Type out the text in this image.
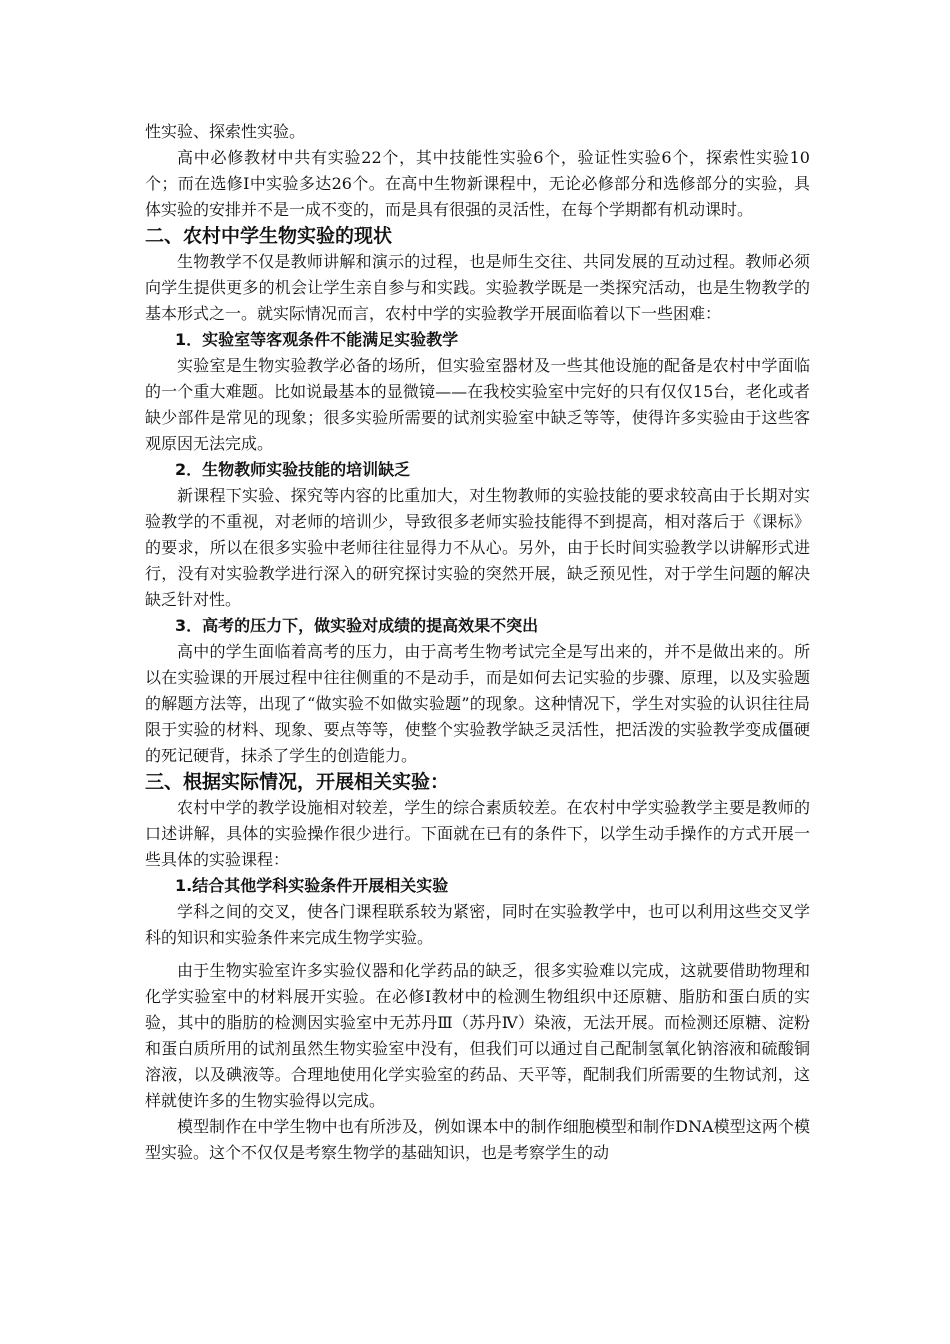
性实验、探索性实验。

高中必修教材中共有实验22个，其中技能性实验6个，验证性实验6个，探索性实验10个；而在选修Ⅰ中实验多达26个。在高中生物新课程中，无论必修部分和选修部分的实验，具体实验的安排并不是一成不变的，而是具有很强的灵活性，在每个学期都有机动课时。

二、农村中学生物实验的现状

生物教学不仅是教师讲解和演示的过程，也是师生交往、共同发展的互动过程。教师必须向学生提供更多的机会让学生亲自参与和实践。实验教学既是一类探究活动，也是生物教学的基本形式之一。就实际情况而言，农村中学的实验教学开展面临着以下一些困难：

1．实验室等客观条件不能满足实验教学

实验室是生物实验教学必备的场所，但实验室器材及一些其他设施的配备是农村中学面临的一个重大难题。比如说最基本的显微镜——在我校实验室中完好的只有仅仅15台，老化或者缺少部件是常见的现象；很多实验所需要的试剂实验室中缺乏等等，使得许多实验由于这些客观原因无法完成。

2．生物教师实验技能的培训缺乏

新课程下实验、探究等内容的比重加大，对生物教师的实验技能的要求较高由于长期对实验教学的不重视，对老师的培训少，导致很多老师实验技能得不到提高，相对落后于《课标》的要求，所以在很多实验中老师往往显得力不从心。另外，由于长时间实验教学以讲解形式进行，没有对实验教学进行深入的研究探讨实验的突然开展，缺乏预见性，对于学生问题的解决缺乏针对性。

3．高考的压力下，做实验对成绩的提高效果不突出

高中的学生面临着高考的压力，由于高考生物考试完全是写出来的，并不是做出来的。所以在实验课的开展过程中往往侧重的不是动手，而是如何去记实验的步骤、原理，以及实验题的解题方法等，出现了“做实验不如做实验题”的现象。这种情况下，学生对实验的认识往往局限于实验的材料、现象、要点等等，使整个实验教学缺乏灵活性，把活泼的实验教学变成僵硬的死记硬背，抹杀了学生的创造能力。

三、根据实际情况，开展相关实验：

农村中学的教学设施相对较差，学生的综合素质较差。在农村中学实验教学主要是教师的口述讲解，具体的实验操作很少进行。下面就在已有的条件下，以学生动手操作的方式开展一些具体的实验课程：

1.结合其他学科实验条件开展相关实验

学科之间的交叉，使各门课程联系较为紧密，同时在实验教学中，也可以利用这些交叉学科的知识和实验条件来完成生物学实验。

由于生物实验室许多实验仪器和化学药品的缺乏，很多实验难以完成，这就要借助物理和化学实验室中的材料展开实验。在必修Ⅰ教材中的检测生物组织中还原糖、脂肪和蛋白质的实验，其中的脂肪的检测因实验室中无苏丹Ⅲ（苏丹Ⅳ）染液，无法开展。而检测还原糖、淀粉和蛋白质所用的试剂虽然生物实验室中没有，但我们可以通过自己配制氢氧化钠溶液和硫酸铜溶液，以及碘液等。合理地使用化学实验室的药品、天平等，配制我们所需要的生物试剂，这样就使许多的生物实验得以完成。

模型制作在中学生物中也有所涉及，例如课本中的制作细胞模型和制作DNA模型这两个模型实验。这个不仅仅是考察生物学的基础知识，也是考察学生的动
